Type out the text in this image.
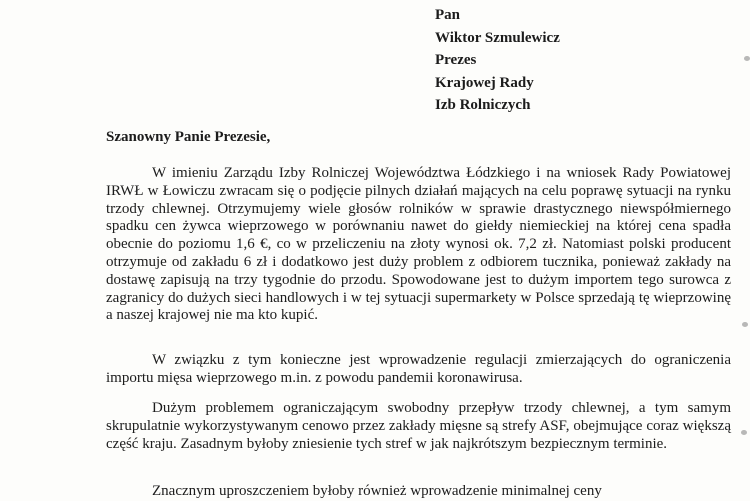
Pan
Wiktor Szmulewicz
Prezes
Krajowej Rady
Izb Rolniczych
Szanowny Panie Prezesie,
W imieniu Zarządu Izby Rolniczej Województwa Łódzkiego i na wniosek Rady Powiatowej IRWŁ w Łowiczu zwracam się o podjęcie pilnych działań mających na celu poprawę sytuacji na rynku trzody chlewnej. Otrzymujemy wiele głosów rolników w sprawie drastycznego niewspółmiernego spadku cen żywca wieprzowego w porównaniu nawet do giełdy niemieckiej na której cena spadła obecnie do poziomu 1,6 €, co w przeliczeniu na złoty wynosi ok. 7,2 zł. Natomiast polski producent otrzymuje od zakładu 6 zł i dodatkowo jest duży problem z odbiorem tucznika, ponieważ zakłady na dostawę zapisują na trzy tygodnie do przodu. Spowodowane jest to dużym importem tego surowca z zagranicy do dużych sieci handlowych i w tej sytuacji supermarkety w Polsce sprzedają tę wieprzowinę a naszej krajowej nie ma kto kupić.
W związku z tym konieczne jest wprowadzenie regulacji zmierzających do ograniczenia importu mięsa wieprzowego m.in. z powodu pandemii koronawirusa.
Dużym problemem ograniczającym swobodny przepływ trzody chlewnej, a tym samym skrupulatnie wykorzystywanym cenowo przez zakłady mięsne są strefy ASF, obejmujące coraz większą część kraju. Zasadnym byłoby zniesienie tych stref w jak najkrótszym bezpiecznym terminie.
Znacznym uproszczeniem byłoby również wprowadzenie minimalnej ceny
